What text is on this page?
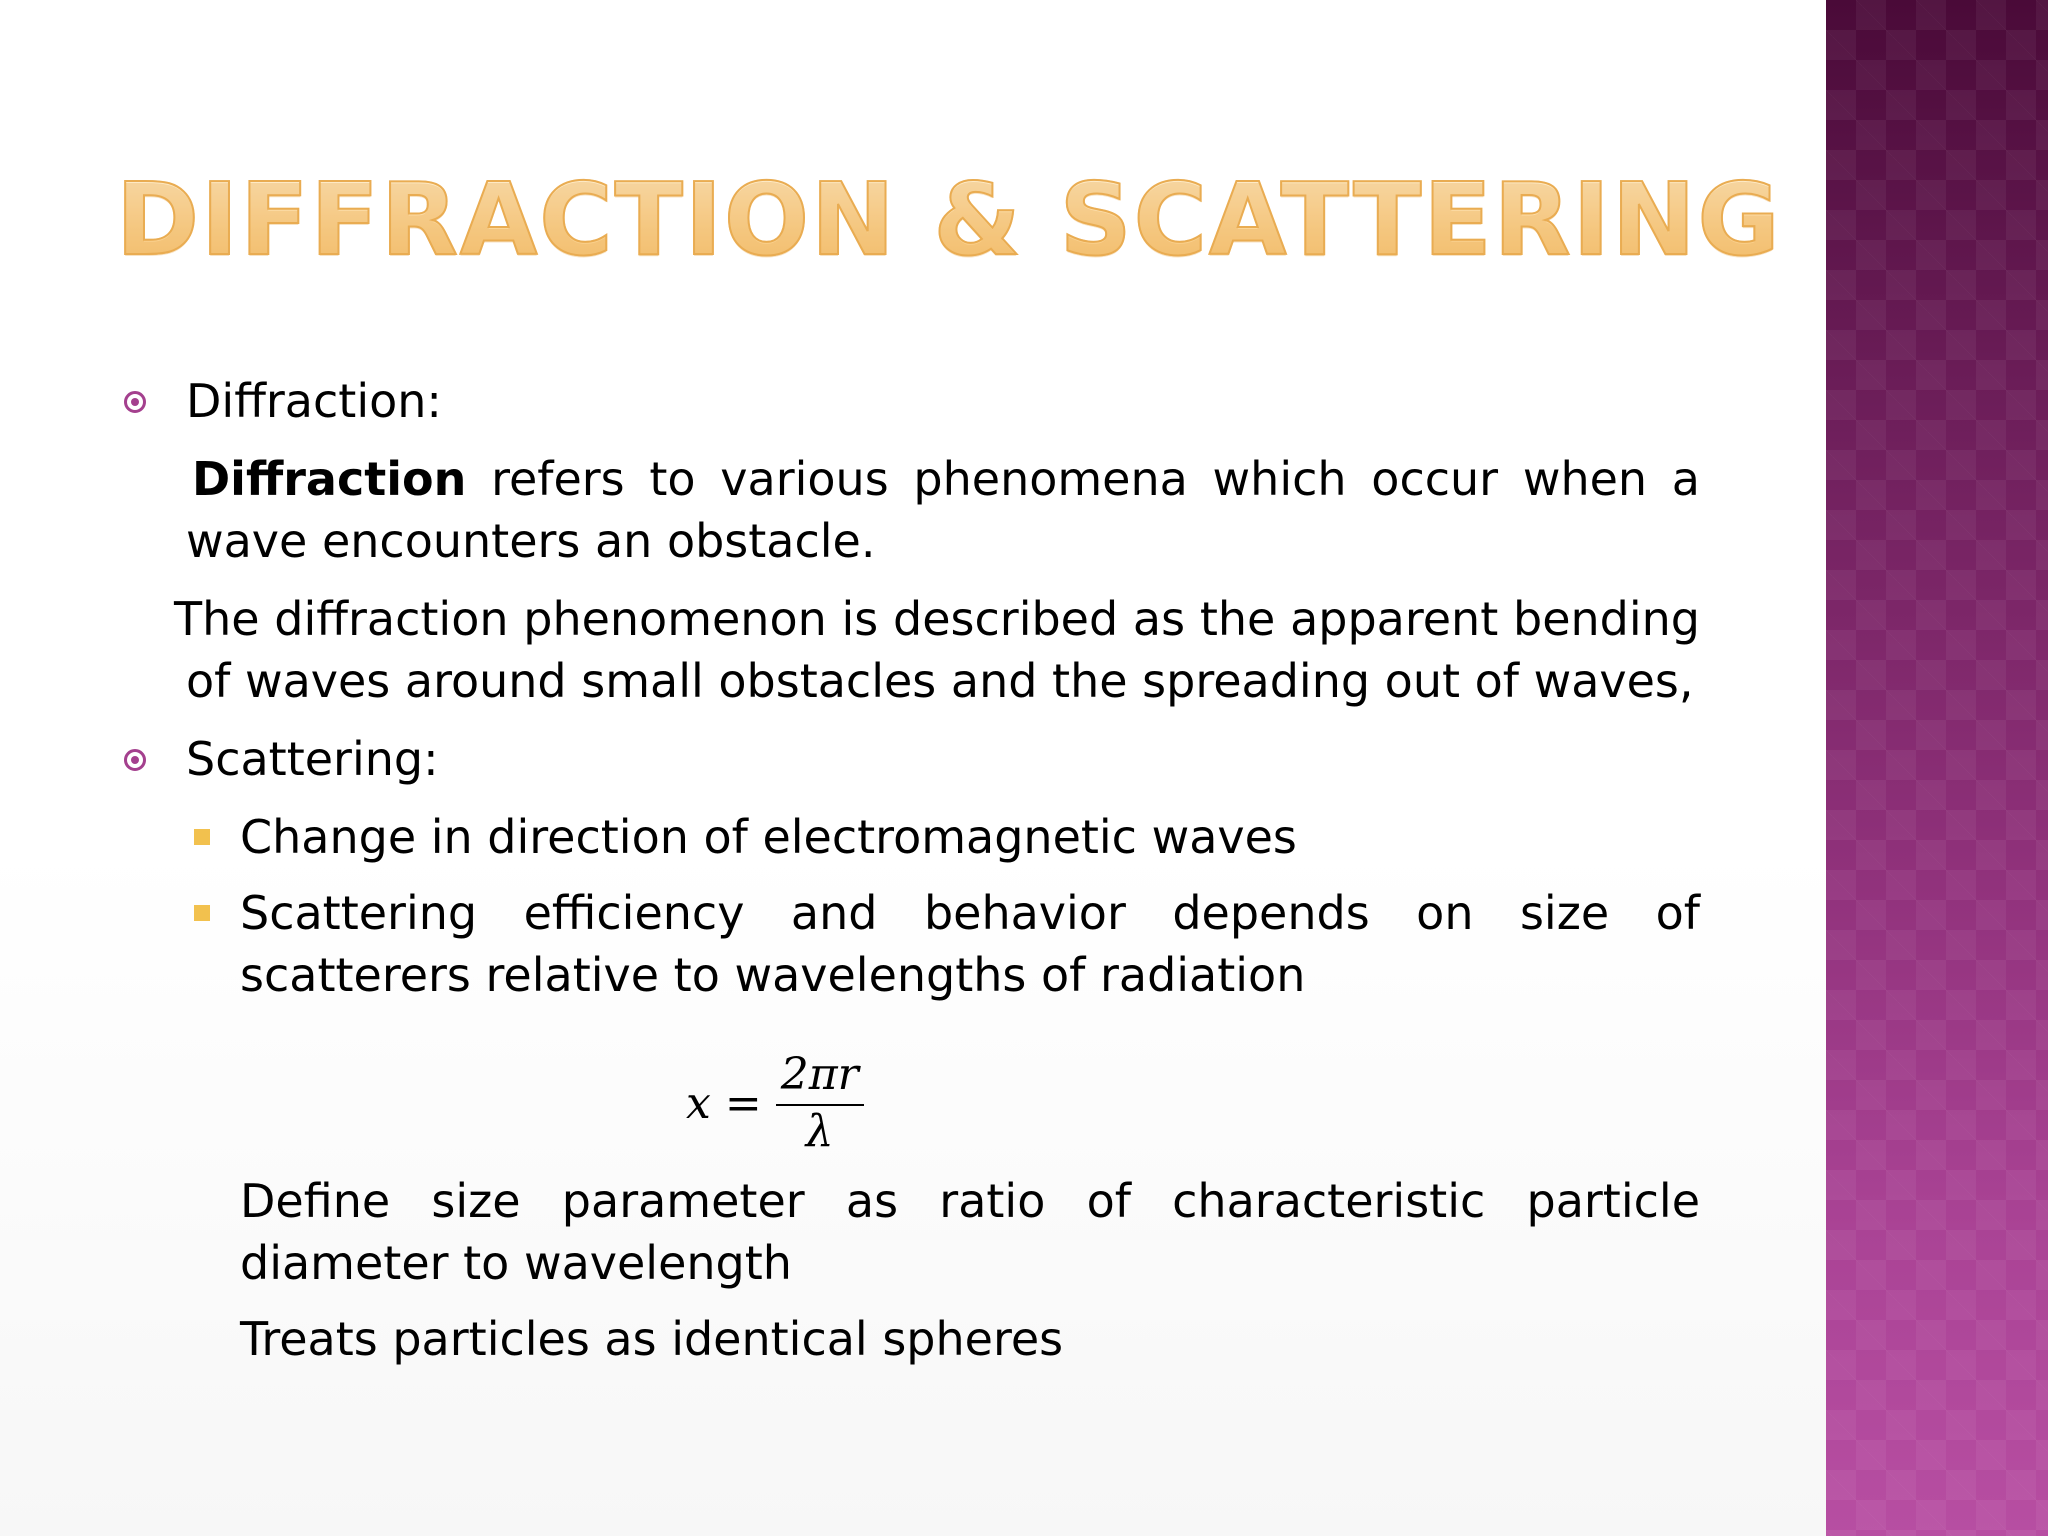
DIFFRACTION & SCATTERING
Diffraction:

Diffraction refers to various phenomena which occur when a wave encounters an obstacle.

The diffraction phenomenon is described as the apparent bending of waves around small obstacles and the spreading out of waves,

Scattering:
Change in direction of electromagnetic waves
Scattering efficiency and behavior depends on size of scatterers relative to wavelengths of radiation
$x = \frac{2\pi r}{\lambda}$

Define size parameter as ratio of characteristic particle diameter to wavelength

Treats particles as identical spheres
